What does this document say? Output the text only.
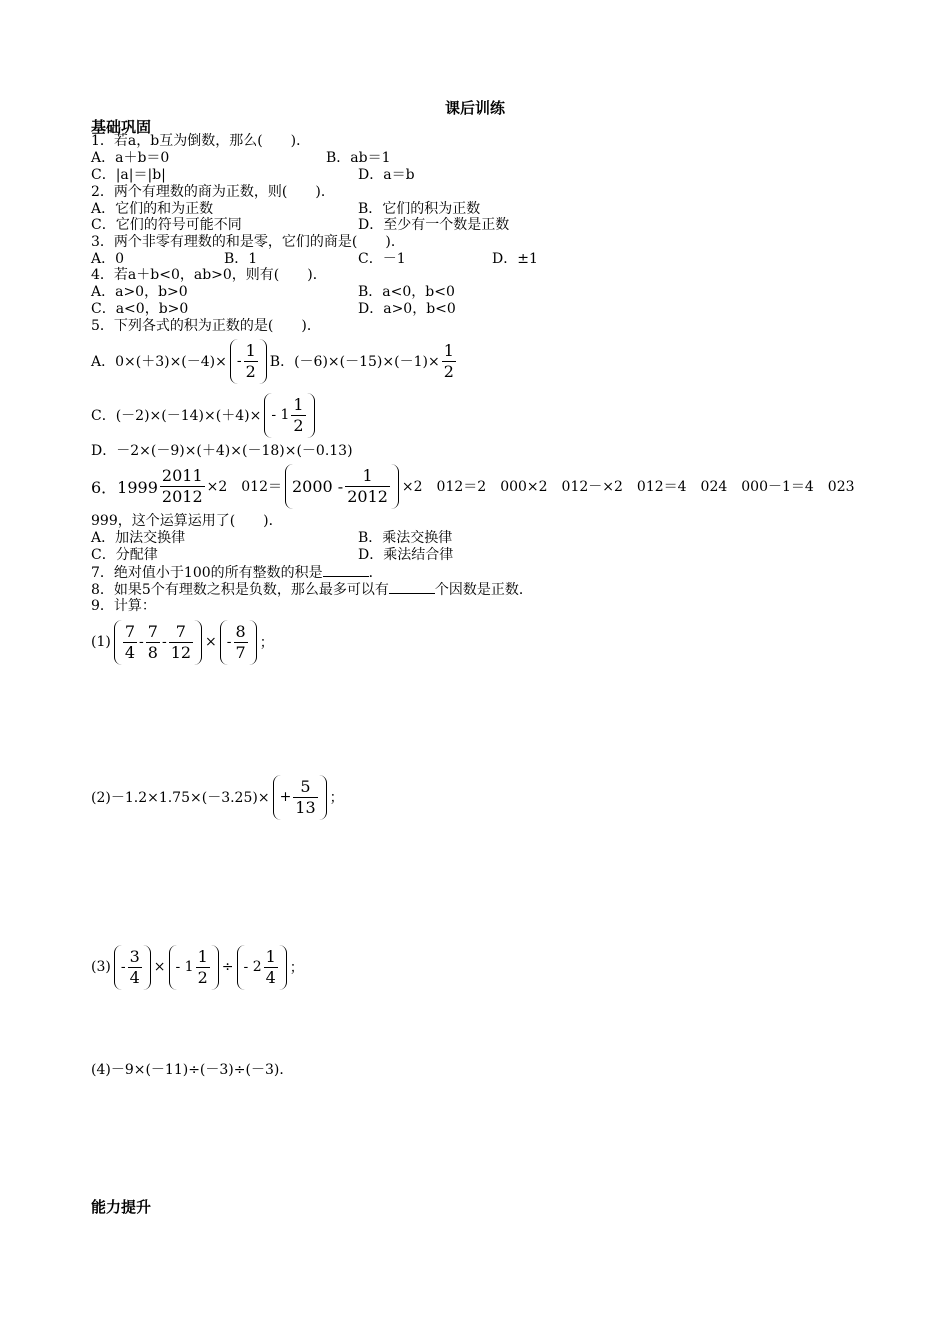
课后训练
基础巩固
1．若a，b互为倒数，那么(　　)．
A．a＋b＝0	B．ab＝1
C．|a|＝|b|	D．a＝b
2．两个有理数的商为正数，则(　　)．
A．它们的和为正数	B．它们的积为正数
C．它们的符号可能不同	D．至少有一个数是正数
3．两个非零有理数的和是零，它们的商是(　　)．
A．0	B．1	C．－1	D．±1
4．若a＋b<0，ab>0，则有(　　)．
A．a>0，b>0	B．a<0，b<0
C．a<0，b>0	D．a>0，b<0
5．下列各式的积为正数的是(　　)．
A．$0\times(+3)\times(-4)\times - \frac{1}{2}$ B．$(-6)\times(-15)\times(-1)\times \frac{1}{2}$
C．$(-2)\times(-14)\times(+4)\times - 1 \frac{1}{2}$
D．－2×(－9)×(＋4)×(－18)×(－0.13)
6．$1999 \frac{2011}{2012} \times 2$　$012= 2000 - \frac{1}{2012} \times 2$　012＝2　000×2　012－×2　012＝4　024　000－1＝4　023
999，这个运算运用了(　　)．
A．加法交换律	B．乘法交换律
C．分配律	D．乘法结合律
7．绝对值小于100的所有整数的积是	．
8．如果5个有理数之积是负数，那么最多可以有	个因数是正数．
9．计算：
$(1) \frac{7}{4} - \frac{7}{8} - \frac{7}{12}$ × - $\frac{8}{7}$ ；
$(2)-1.2\times 1.75\times(-3.25)\times + \frac{5}{13}$ ；
$(3) - \frac{3}{4}$ × - $1 \frac{1}{2}$ ÷ - $2 \frac{1}{4}$ ；
(4)－9×(－11)÷(－3)÷(－3)．
能力提升
